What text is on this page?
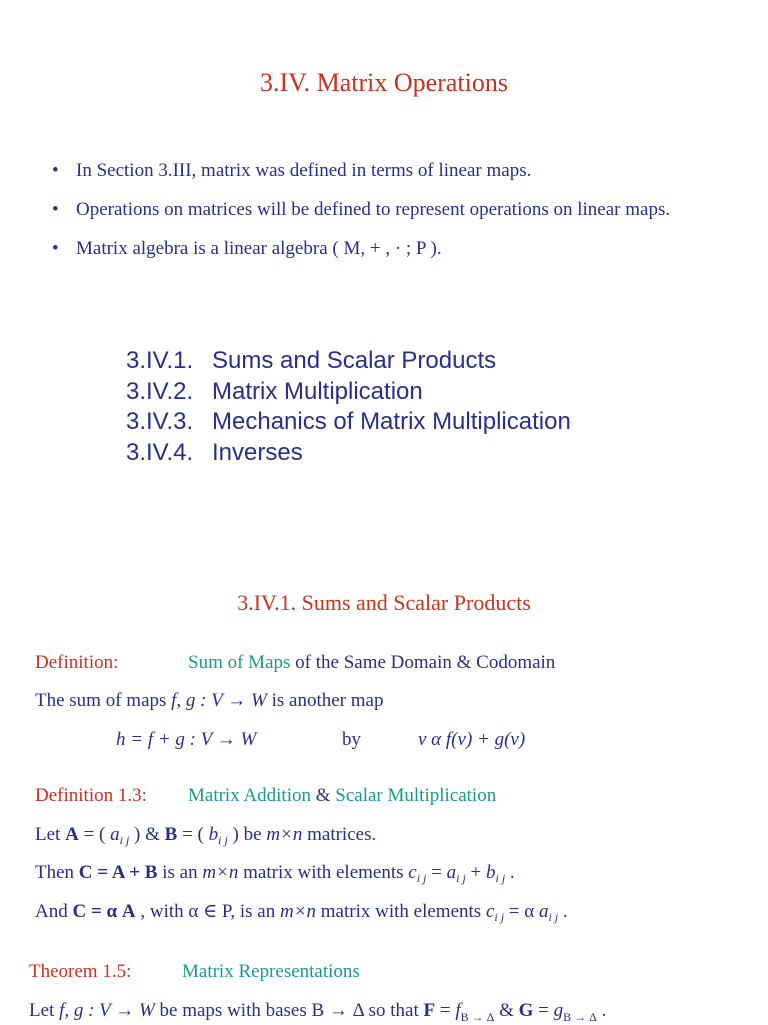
3.IV. Matrix Operations
• In Section 3.III, matrix was defined in terms of linear maps.
• Operations on matrices will be defined to represent operations on linear maps.
• Matrix algebra is a linear algebra ( M, + , · ; P ).
3.IV.1. Sums and Scalar Products
3.IV.2. Matrix Multiplication
3.IV.3. Mechanics of Matrix Multiplication
3.IV.4. Inverses
3.IV.1. Sums and Scalar Products
Definition:	Sum of Maps of the Same Domain & Codomain
The sum of maps f, g : V → W is another map
h = f + g : V → W	by	v α f(v) + g(v)
Definition 1.3: Matrix Addition & Scalar Multiplication
Let A = ( $a_{i j}$ ) & B = ( $b_{i j}$ ) be m×n matrices.
Then C = A + B is an m×n matrix with elements $c_{i j} = a_{i j} + b_{i j}$ .
And C = α A , with α ∈ P, is an m×n matrix with elements $c_{i j} = \alpha$ $a_{i j}$ .
Theorem 1.5:	Matrix Representations
Let f, g : V → W be maps with bases B → Δ so that $F = f_{B \to \Delta}$ & $G = g_{B \to \Delta}$ .
